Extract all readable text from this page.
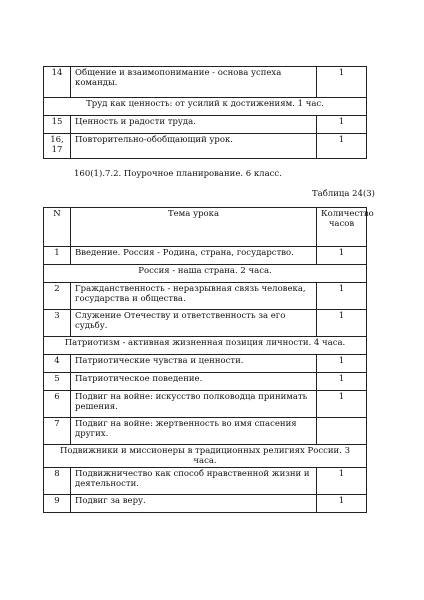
14	Общение и взаимопонимание - основа успеха команды.	1
Труд как ценность: от усилий к достижениям. 1 час.		
15	Ценность и радости труда.	1
16, 17	Повторительно-обобщающий урок.	1
160(1).7.2. Поурочное планирование. 6 класс.
Таблица 24(3)
N	Тема урока	Количество часов
1	Введение. Россия - Родина, страна, государство.	1
Россия - наша страна. 2 часа.		
2	Гражданственность - неразрывная связь человека, государства и общества.	1
3	Служение Отечеству и ответственность за его судьбу.	1
Патриотизм - активная жизненная позиция личности. 4 часа.		
4	Патриотические чувства и ценности.	1
5	Патриотическое поведение.	1
6	Подвиг на войне: искусство полководца принимать решения.	1
7	Подвиг на войне: жертвенность во имя спасения других.	
Подвижники и миссионеры в традиционных религиях России. 3 часа.		
8	Подвижничество как способ нравственной жизни и деятельности.	1
9	Подвиг за веру.	1
